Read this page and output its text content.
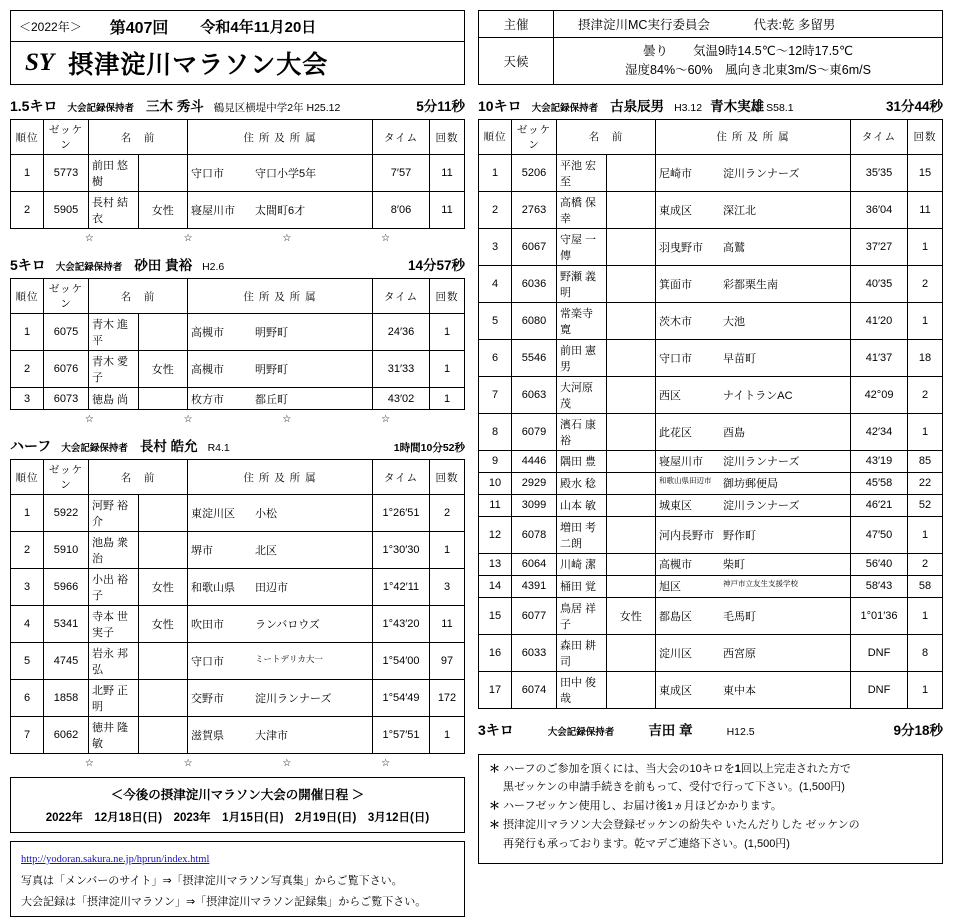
＜2022年＞ 第407回 令和4年11月20日
SY 摂津淀川マラソン大会
1.5キロ 大会記録保持者 三木 秀斗 鶴見区横堤中学2年 H25.12	5分11秒
順位	ゼッケン	名　前		住 所 及 所 属	タイム	回数
1	5773	前田 悠樹		守口市 守口小学5年	7′57	11
2	5905	長村 結衣	女性	寝屋川市 太間町6才	8′06	11
☆	☆	☆	☆
5キロ 大会記録保持者 砂田 貴裕 H2.6	14分57秒
順位	ゼッケン	名　前		住 所 及 所 属	タイム	回数
1	6075	青木 進平		高槻市 明野町	24′36	1
2	6076	青木 愛子	女性	高槻市 明野町	31′33	1
3	6073	徳島 尚		枚方市 都丘町	43′02	1
☆	☆	☆	☆
ハーフ 大会記録保持者 長村 皓允 R4.1	1時間10分52秒
順位	ゼッケン	名　前		住 所 及 所 属	タイム	回数
1	5922	河野 裕介		東淀川区 小松	1°26′51	2
2	5910	池島 衆治		堺市 北区	1°30′30	1
3	5966	小出 裕子	女性	和歌山県 田辺市	1°42′11	3
4	5341	寺本 世実子	女性	吹田市 ランバロウズ	1°43′20	11
5	4745	岩永 邦弘		守口市 ミートデリカ大一	1°54′00	97
6	1858	北野 正明		交野市 淀川ランナーズ	1°54′49	172
7	6062	徳井 隆敏		滋賀県 大津市	1°57′51	1
☆	☆	☆	☆
＜今後の摂津淀川マラソン大会の開催日程 ＞
2022年　12月18日(日)　2023年　1月15日(日)　2月19日(日)　3月12日(日)
http://yodoran.sakura.ne.jp/hprun/index.html
写真は「メンバーのサイト」⇒「摂津淀川マラソン写真集」からご覧下さい。
大会記録は「摂津淀川マラソン」⇒「摂津淀川マラソン記録集」からご覧下さい。
主催	摂津淀川MC実行委員会 代表:乾 多留男
天候	曇り　　気温9時14.5℃〜12時17.5℃
湿度84%〜60%　風向き北東3m/S〜東6m/S
10キロ 大会記録保持者 古泉辰男 H3.12 青木実雄 S58.1	31分44秒
順位	ゼッケン	名　前		住 所 及 所 属	タイム	回数
1	5206	平池 宏至		尼崎市 淀川ランナーズ	35′35	15
2	2763	高橋 保幸		東成区 深江北	36′04	11
3	6067	守屋 一傳		羽曳野市 高鷲	37′27	1
4	6036	野瀬 義明		箕面市 彩都栗生南	40′35	2
5	6080	常楽寺 寛		茨木市 大池	41′20	1
6	5546	前田 憲男		守口市 早苗町	41′37	18
7	6063	大河原 茂		西区 ナイトランAC	42°09	2
8	6079	濱石 康裕		此花区 酉島	42′34	1
9	4446	隅田 豊		寝屋川市 淀川ランナーズ	43′19	85
10	2929	殿水 稔		和歌山県田辺市 御坊郵便局	45′58	22
11	3099	山本 敏		城東区 淀川ランナーズ	46′21	52
12	6078	増田 考二朗		河内長野市 野作町	47′50	1
13	6064	川崎 潔		高槻市 柴町	56′40	2
14	4391	桶田 覚		旭区 神戸市立友生支援学校	58′43	58
15	6077	鳥居 祥子	女性	都島区 毛馬町	1°01′36	1
16	6033	森田 耕司		淀川区 西宮原	DNF	8
17	6074	田中 俊哉		東成区 東中本	DNF	1
3キロ	大会記録保持者	吉田 章	H12.5	9分18秒
＊ ハーフのご参加を頂くには、当大会の10キロを1回以上完走された方で
黒ゼッケンの申請手続きを前もって、受付で行って下さい。(1,500円)
＊ ハーフゼッケン使用し、お届け後1ヵ月ほどかかります。
＊ 摂津淀川マラソン大会登録ゼッケンの紛失や いたんだりした ゼッケンの
再発行も承っております。乾マデご連絡下さい。(1,500円)
